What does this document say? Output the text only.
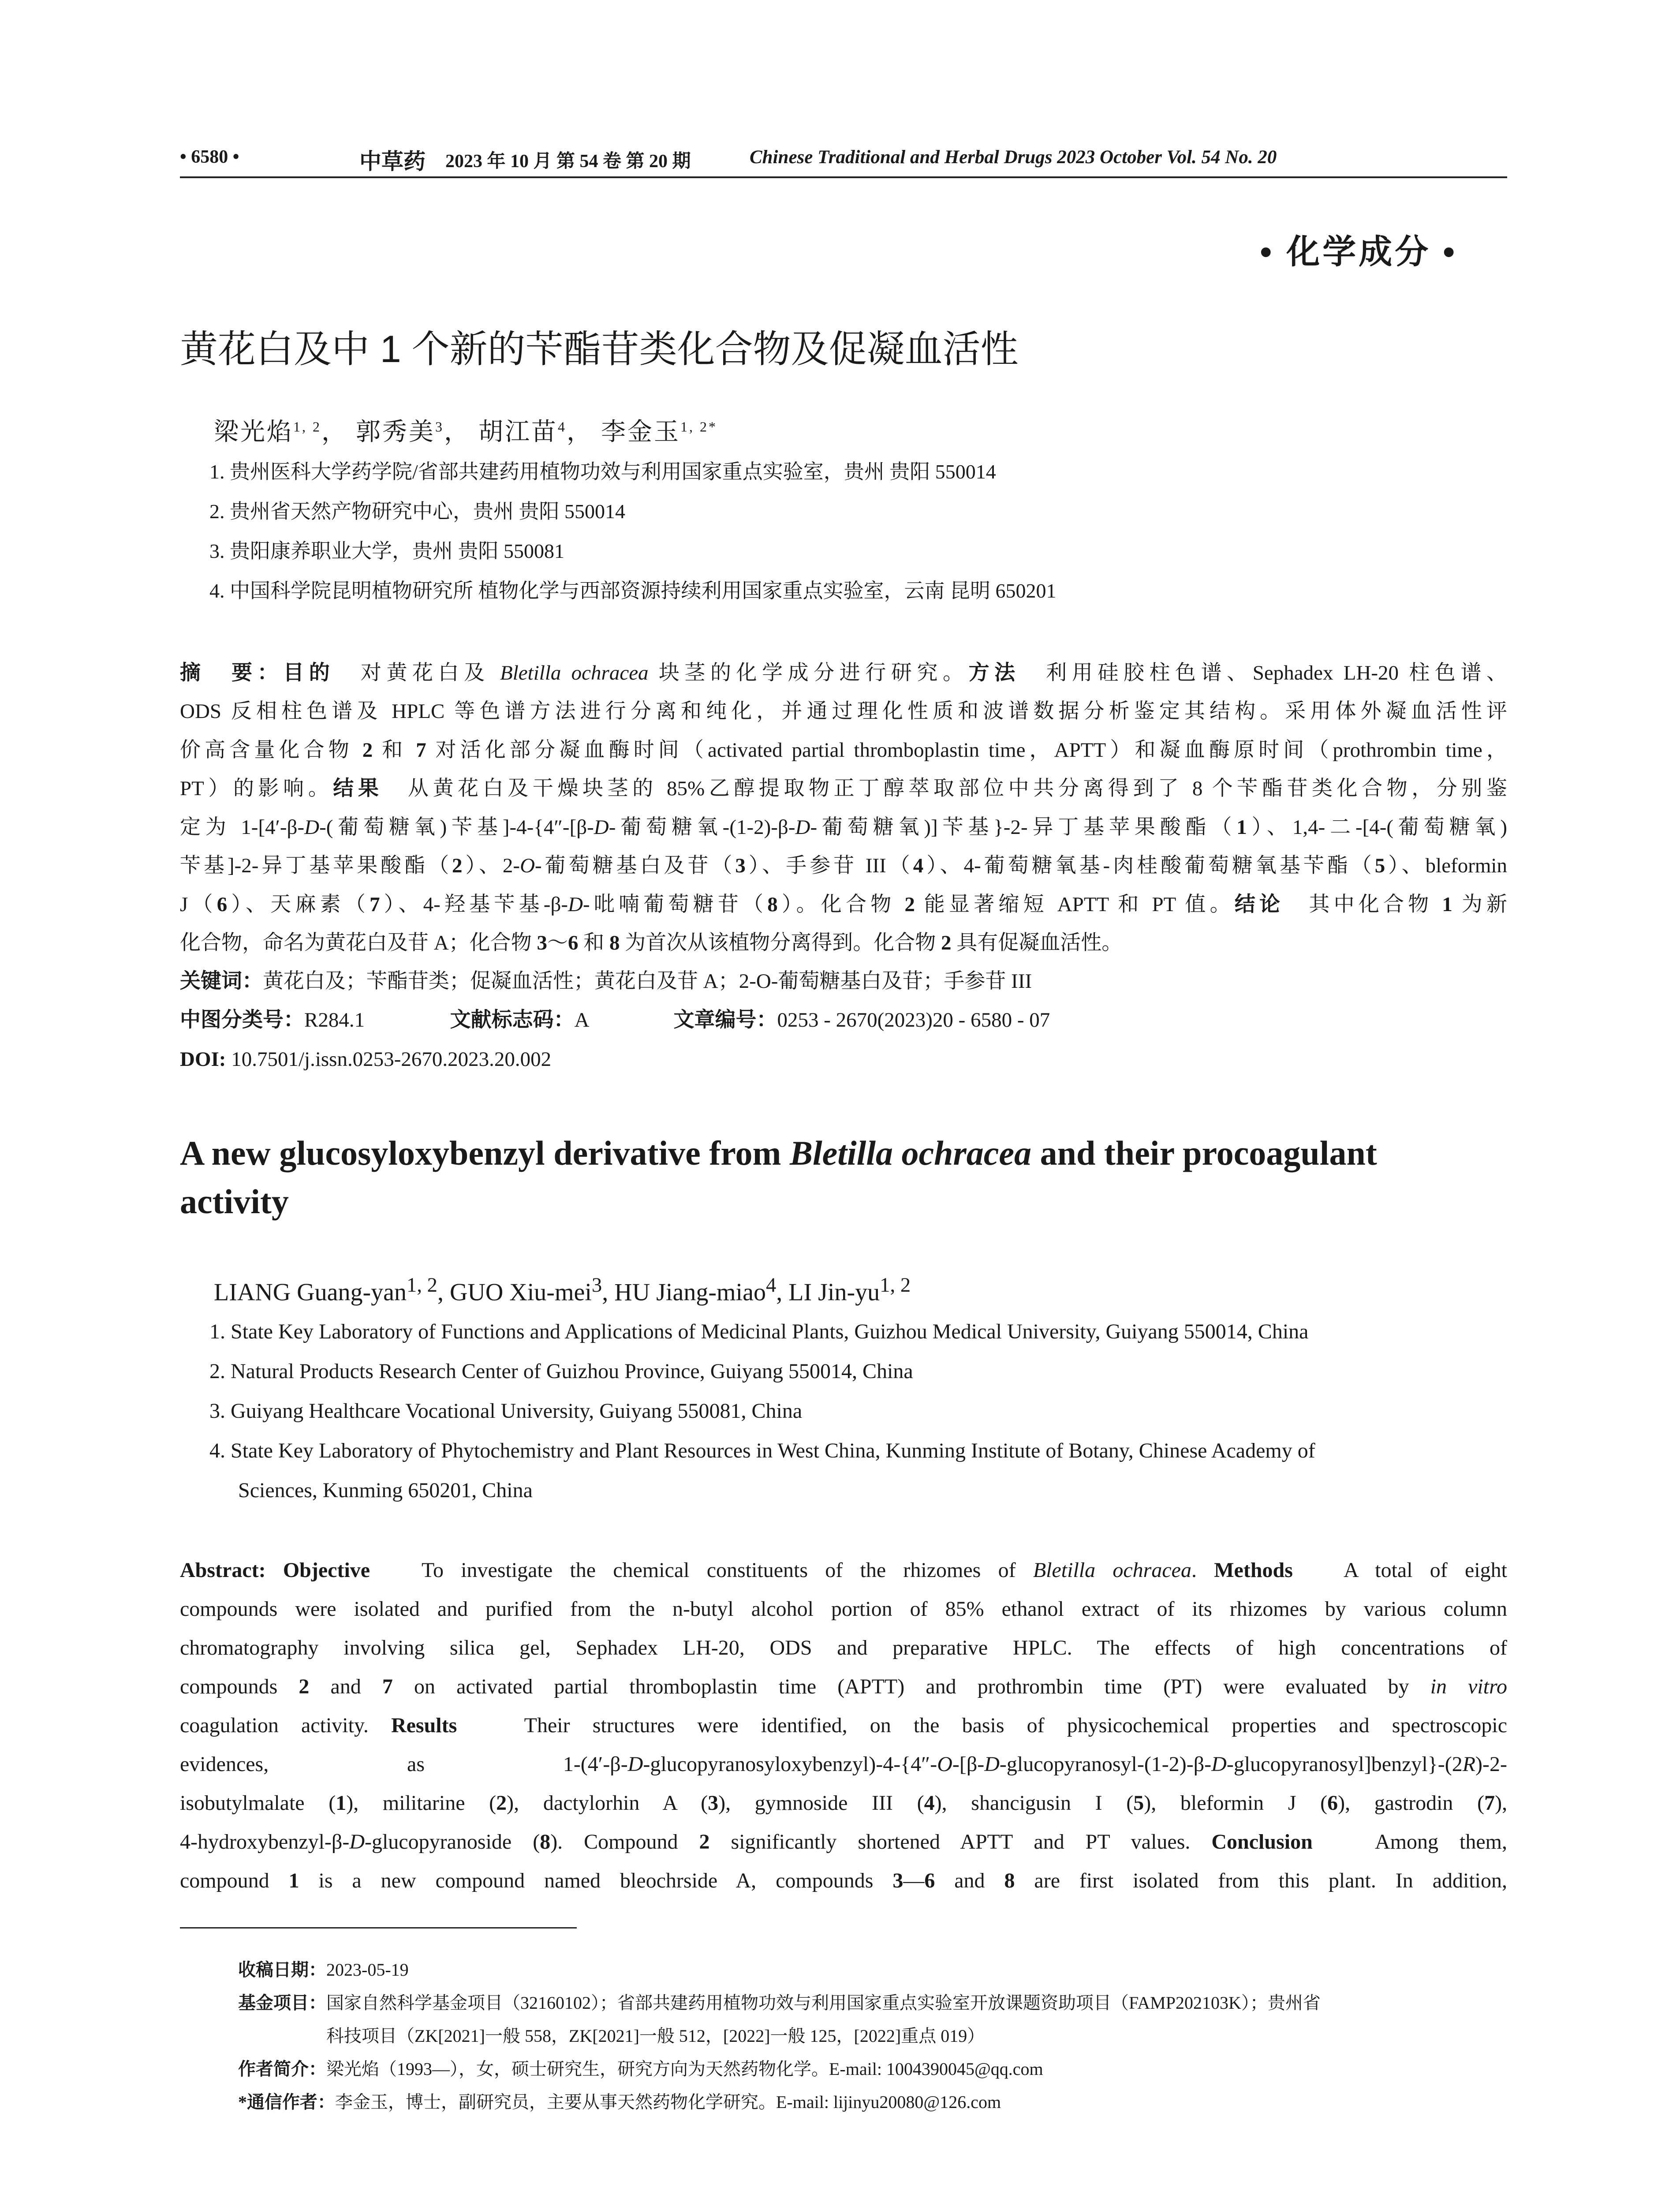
• 6580 •	中草药 2023 年 10 月 第 54 卷 第 20 期	Chinese Traditional and Herbal Drugs 2023 October Vol. 54 No. 20
• 化学成分 •
黄花白及中 1 个新的苄酯苷类化合物及促凝血活性
梁光焰$^{1, 2}$， 郭秀美$^3$， 胡江苗$^4$， 李金玉$^{1, 2*}$
1. 贵州医科大学药学院/省部共建药用植物功效与利用国家重点实验室，贵州 贵阳 550014
2. 贵州省天然产物研究中心，贵州 贵阳 550014
3. 贵阳康养职业大学，贵州 贵阳 550081
4. 中国科学院昆明植物研究所 植物化学与西部资源持续利用国家重点实验室，云南 昆明 650201
摘　要：目的　对黄花白及 Bletilla ochracea 块茎的化学成分进行研究。方法　利用硅胶柱色谱、Sephadex LH-20 柱色谱、
ODS 反相柱色谱及 HPLC 等色谱方法进行分离和纯化，并通过理化性质和波谱数据分析鉴定其结构。采用体外凝血活性评
价高含量化合物 2 和 7 对活化部分凝血酶时间（activated partial thromboplastin time，APTT）和凝血酶原时间（prothrombin time，
PT）的影响。结果　从黄花白及干燥块茎的 85%乙醇提取物正丁醇萃取部位中共分离得到了 8 个苄酯苷类化合物，分别鉴
定为 1-[4′-β-D-(葡萄糖氧)苄基]-4-{4″-[β-D-葡萄糖氧-(1-2)-β-D-葡萄糖氧)]苄基}-2-异丁基苹果酸酯（1）、1,4-二-[4-(葡萄糖氧)
苄基]-2-异丁基苹果酸酯（2）、2-O-葡萄糖基白及苷（3）、手参苷 III（4）、4-葡萄糖氧基-肉桂酸葡萄糖氧基苄酯（5）、bleformin
J（6）、天麻素（7）、4-羟基苄基-β-D-吡喃葡萄糖苷（8）。化合物 2 能显著缩短 APTT 和 PT 值。结论　其中化合物 1 为新
化合物，命名为黄花白及苷 A；化合物 3～6 和 8 为首次从该植物分离得到。化合物 2 具有促凝血活性。
关键词：黄花白及；苄酯苷类；促凝血活性；黄花白及苷 A；2-O-葡萄糖基白及苷；手参苷 III
中图分类号：R284.1	文献标志码：A	文章编号：0253 - 2670(2023)20 - 6580 - 07
DOI: 10.7501/j.issn.0253-2670.2023.20.002
A new glucosyloxybenzyl derivative from Bletilla ochracea and their procoagulant
activity
LIANG Guang-yan$^{1, 2}$, GUO Xiu-mei$^3$, HU Jiang-miao$^4$, LI Jin-yu$^{1, 2}$
1. State Key Laboratory of Functions and Applications of Medicinal Plants, Guizhou Medical University, Guiyang 550014, China
2. Natural Products Research Center of Guizhou Province, Guiyang 550014, China
3. Guiyang Healthcare Vocational University, Guiyang 550081, China
4. State Key Laboratory of Phytochemistry and Plant Resources in West China, Kunming Institute of Botany, Chinese Academy of
Sciences, Kunming 650201, China
Abstract: Objective   To investigate the chemical constituents of the rhizomes of Bletilla ochracea. Methods   A total of eight
compounds were isolated and purified from the n-butyl alcohol portion of 85% ethanol extract of its rhizomes by various column
chromatography involving silica gel, Sephadex LH-20, ODS and preparative HPLC. The effects of high concentrations of
compounds 2 and 7 on activated partial thromboplastin time (APTT) and prothrombin time (PT) were evaluated by in vitro
coagulation activity. Results   Their structures were identified, on the basis of physicochemical properties and spectroscopic
evidences, as 1-(4′-β-D-glucopyranosyloxybenzyl)-4-{4″-O-[β-D-glucopyranosyl-(1-2)-β-D-glucopyranosyl]benzyl}-(2R)-2-
isobutylmalate (1), militarine (2), dactylorhin A (3), gymnoside III (4), shancigusin I (5), bleformin J (6), gastrodin (7),
4-hydroxybenzyl-β-D-glucopyranoside (8). Compound 2 significantly shortened APTT and PT values. Conclusion   Among them,
compound 1 is a new compound named bleochrside A, compounds 3—6 and 8 are first isolated from this plant. In addition,
收稿日期：2023-05-19
基金项目：国家自然科学基金项目（32160102）；省部共建药用植物功效与利用国家重点实验室开放课题资助项目（FAMP202103K）；贵州省
科技项目（ZK[2021]一般 558，ZK[2021]一般 512，[2022]一般 125，[2022]重点 019）
作者简介：梁光焰（1993—），女，硕士研究生，研究方向为天然药物化学。E-mail: 1004390045@qq.com
*通信作者：李金玉，博士，副研究员，主要从事天然药物化学研究。E-mail: lijinyu20080@126.com
